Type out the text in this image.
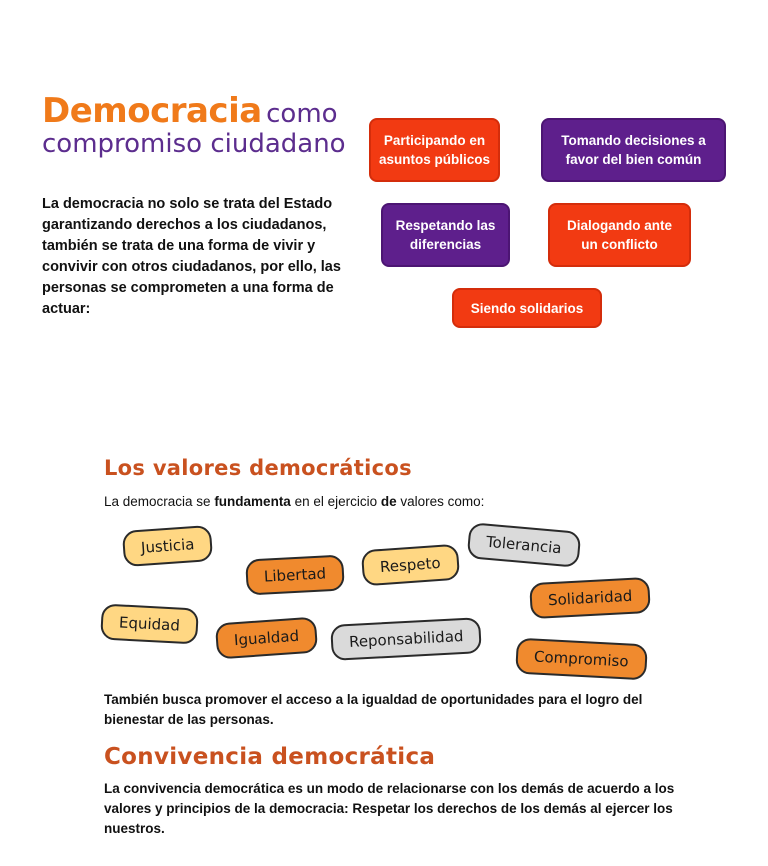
Democracia como
compromiso ciudadano
La democracia no solo se trata del Estado garantizando derechos a los ciudadanos, también se trata de una forma de vivir y convivir con otros ciudadanos, por ello, las personas se comprometen a una forma de actuar:
Participando en asuntos públicos
Tomando decisiones a favor del bien común
Respetando las diferencias
Dialogando ante un conflicto
Siendo solidarios
Los valores democráticos
La democracia se fundamenta en el ejercicio de valores como:
Justicia
Libertad	Respeto
Tolerancia
Solidaridad
Equidad
Igualdad	Reponsabilidad
Compromiso
También busca promover el acceso a la igualdad de oportunidades para el logro del bienestar de las personas.
Convivencia democrática
La convivencia democrática es un modo de relacionarse con los demás de acuerdo a los valores y principios de la democracia: Respetar los derechos de los demás al ejercer los nuestros.
